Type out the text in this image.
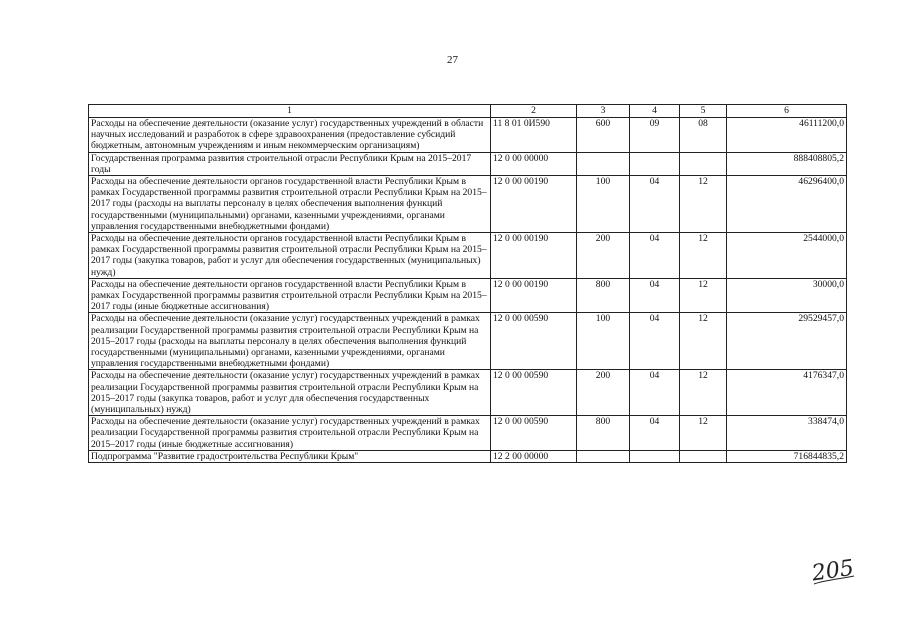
27
1	2	3	4	5	6
Расходы на обеспечение деятельности (оказание услуг) государственных учреждений в области научных исследований и разработок в сфере здравоохранения (предоставление субсидий бюджетным, автономным учреждениям и иным некоммерческим организациям)	11 8 01 0И590	600	09	08	46111200,0
Государственная программа развития строительной отрасли Республики Крым на 2015–2017 годы	12 0 00 00000				888408805,2
Расходы на обеспечение деятельности органов государственной власти Республики Крым в рамках Государственной программы развития строительной отрасли Республики Крым на 2015–2017 годы (расходы на выплаты персоналу в целях обеспечения выполнения функций государственными (муниципальными) органами, казенными учреждениями, органами управления государственными внебюджетными фондами)	12 0 00 00190	100	04	12	46296400,0
Расходы на обеспечение деятельности органов государственной власти Республики Крым в рамках Государственной программы развития строительной отрасли Республики Крым на 2015–2017 годы (закупка товаров, работ и услуг для обеспечения государственных (муниципальных) нужд)	12 0 00 00190	200	04	12	2544000,0
Расходы на обеспечение деятельности органов государственной власти Республики Крым в рамках Государственной программы развития строительной отрасли Республики Крым на 2015–2017 годы (иные бюджетные ассигнования)	12 0 00 00190	800	04	12	30000,0
Расходы на обеспечение деятельности (оказание услуг) государственных учреждений в рамках реализации Государственной программы развития строительной отрасли Республики Крым на 2015–2017 годы (расходы на выплаты персоналу в целях обеспечения выполнения функций государственными (муниципальными) органами, казенными учреждениями, органами управления государственными внебюджетными фондами)	12 0 00 00590	100	04	12	29529457,0
Расходы на обеспечение деятельности (оказание услуг) государственных учреждений в рамках реализации Государственной программы развития строительной отрасли Республики Крым на 2015–2017 годы (закупка товаров, работ и услуг для обеспечения государственных (муниципальных) нужд)	12 0 00 00590	200	04	12	4176347,0
Расходы на обеспечение деятельности (оказание услуг) государственных учреждений в рамках реализации Государственной программы развития строительной отрасли Республики Крым на 2015–2017 годы (иные бюджетные ассигнования)	12 0 00 00590	800	04	12	338474,0
Подпрограмма "Развитие градостроительства Республики Крым"	12 2 00 00000				716844835,2
205
